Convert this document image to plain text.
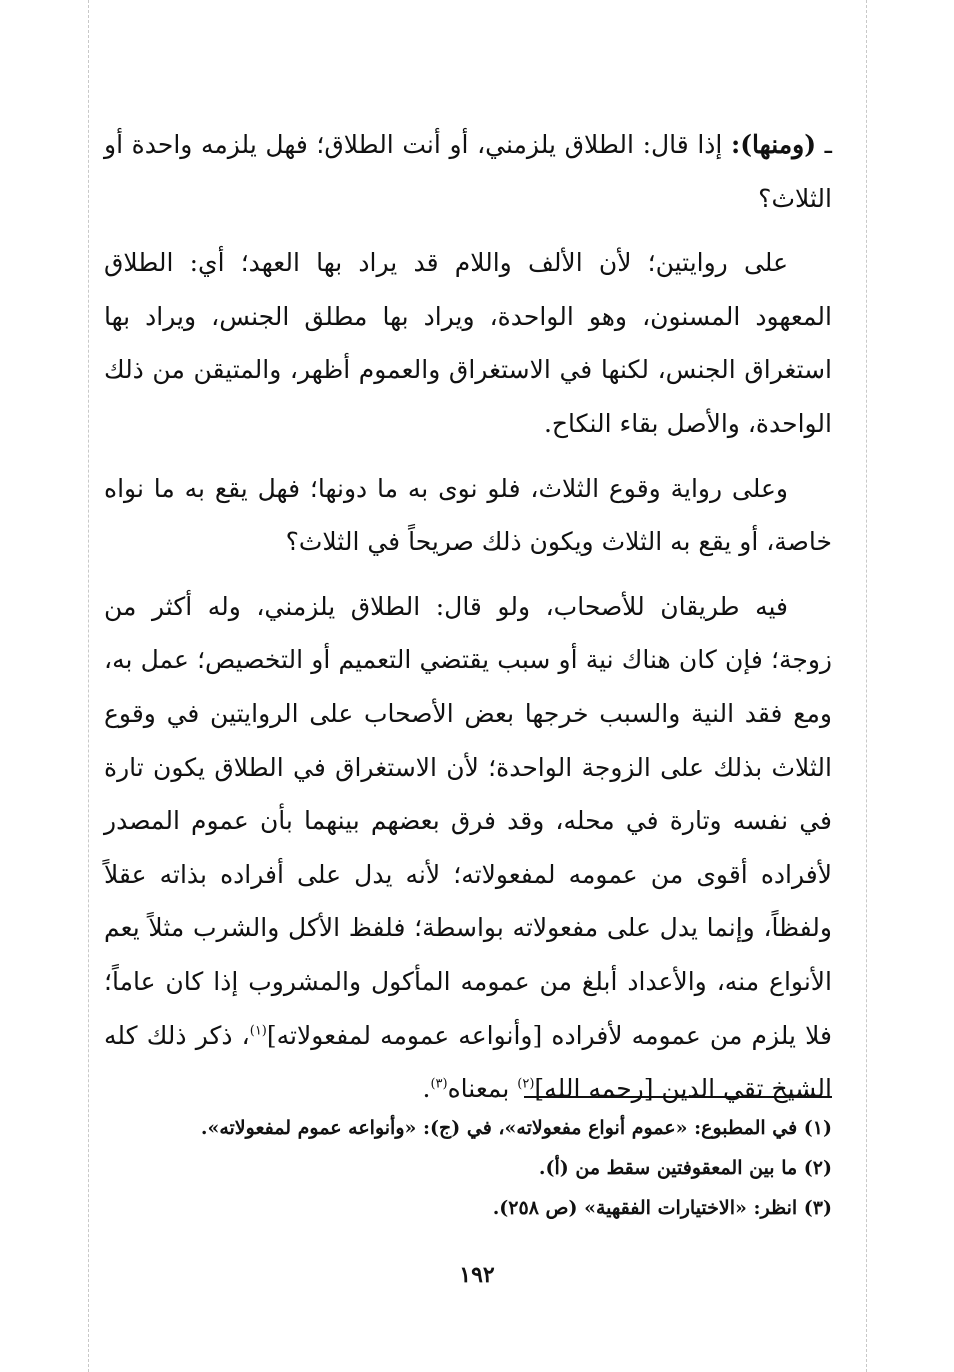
ـ (ومنها): إذا قال: الطلاق يلزمني، أو أنت الطلاق؛ فهل يلزمه واحدة أو الثلاث؟

على روايتين؛ لأن الألف واللام قد يراد بها العهد؛ أي: الطلاق المعهود المسنون، وهو الواحدة، ويراد بها مطلق الجنس، ويراد بها استغراق الجنس، لكنها في الاستغراق والعموم أظهر، والمتيقن من ذلك الواحدة، والأصل بقاء النكاح.

وعلى رواية وقوع الثلاث، فلو نوى به ما دونها؛ فهل يقع به ما نواه خاصة، أو يقع به الثلاث ويكون ذلك صريحاً في الثلاث؟

فيه طريقان للأصحاب، ولو قال: الطلاق يلزمني، وله أكثر من زوجة؛ فإن كان هناك نية أو سبب يقتضي التعميم أو التخصيص؛ عمل به، ومع فقد النية والسبب خرجها بعض الأصحاب على الروايتين في وقوع الثلاث بذلك على الزوجة الواحدة؛ لأن الاستغراق في الطلاق يكون تارة في نفسه وتارة في محله، وقد فرق بعضهم بينهما بأن عموم المصدر لأفراده أقوى من عمومه لمفعولاته؛ لأنه يدل على أفراده بذاته عقلاً ولفظاً، وإنما يدل على مفعولاته بواسطة؛ فلفظ الأكل والشرب مثلاً يعم الأنواع منه، والأعداد أبلغ من عمومه المأكول والمشروب إذا كان عاماً؛ فلا يلزم من عمومه لأفراده [وأنواعه عمومه لمفعولاته]$^{(١)}$، ذكر ذلك كله الشيخ تقي الدين [رحمه الله]$^{(٢)}$ بمعناه$^{(٣)}$.

(١) في المطبوع: «عموم أنواع مفعولاته»، في (ج): «وأنواعه عموم لمفعولاته».

(٢) ما بين المعقوفتين سقط من (أ).

(٣) انظر: «الاختيارات الفقهية» (ص ٢٥٨).

١٩٢
